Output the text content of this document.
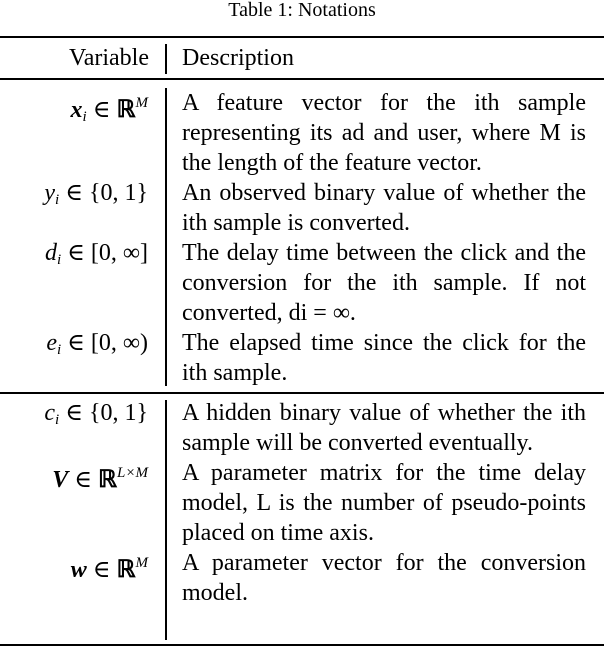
Table 1: Notations
Variable Description
$x_i$ ∈ ℝ$^M$ A feature vector for the ith sample representing its ad and user, where M is the length of the feature vector.
$y_i$ ∈ {0, 1} An observed binary value of whether the ith sample is converted.
$d_i$ ∈ [0, ∞] The delay time between the click and the conversion for the ith sample. If not converted, di = ∞.
$e_i$ ∈ [0, ∞) The elapsed time since the click for the ith sample.
$c_i$ ∈ {0, 1} A hidden binary value of whether the ith sample will be converted eventually.
V ∈ ℝ$^{L\times M}$ A parameter matrix for the time delay model, L is the number of pseudo-points placed on time axis.
w ∈ ℝ$^M$ A parameter vector for the conversion model.
